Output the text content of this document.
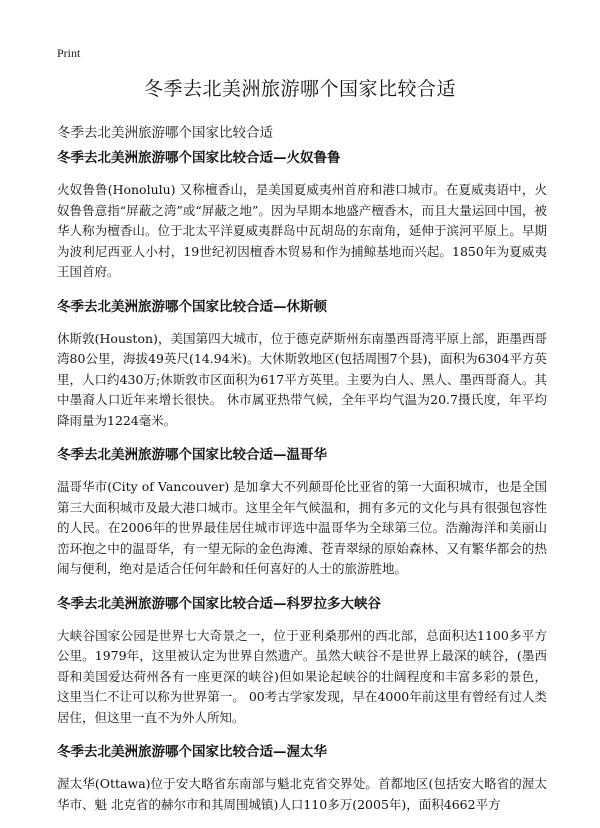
Print
冬季去北美洲旅游哪个国家比较合适

冬季去北美洲旅游哪个国家比较合适

冬季去北美洲旅游哪个国家比较合适—火奴鲁鲁

火奴鲁鲁(Honolulu) 又称檀香山，是美国夏威夷州首府和港口城市。在夏威夷语中，火奴鲁鲁意指“屏蔽之湾”或“屏蔽之地”。因为早期本地盛产檀香木，而且大量运回中国，被华人称为檀香山。位于北太平洋夏威夷群岛中瓦胡岛的东南角，延伸于滨河平原上。早期为波利尼西亚人小村，19世纪初因檀香木贸易和作为捕鲸基地而兴起。1850年为夏威夷王国首府。

冬季去北美洲旅游哪个国家比较合适—休斯顿

休斯敦(Houston)，美国第四大城市，位于德克萨斯州东南墨西哥湾平原上部，距墨西哥湾80公里，海拔49英尺(14.94米)。大休斯敦地区(包括周围7个县)，面积为6304平方英里，人口约430万;休斯敦市区面积为617平方英里。主要为白人、黑人、墨西哥裔人。其中墨裔人口近年来增长很快。 休市属亚热带气候，全年平均气温为20.7摄氏度，年平均降雨量为1224毫米。

冬季去北美洲旅游哪个国家比较合适—温哥华

温哥华市(City of Vancouver) 是加拿大不列颠哥伦比亚省的第一大面积城市，也是全国第三大面积城市及最大港口城市。这里全年气候温和，拥有多元的文化与具有很强包容性的人民。在2006年的世界最佳居住城市评选中温哥华为全球第三位。浩瀚海洋和美丽山峦环抱之中的温哥华，有一望无际的金色海滩、苍青翠绿的原始森林、又有繁华都会的热闹与便利，绝对是适合任何年龄和任何喜好的人士的旅游胜地。

冬季去北美洲旅游哪个国家比较合适—科罗拉多大峡谷

大峡谷国家公园是世界七大奇景之一，位于亚利桑那州的西北部，总面积达1100多平方公里。1979年，这里被认定为世界自然遗产。虽然大峡谷不是世界上最深的峡谷，(墨西哥和美国爱达荷州各有一座更深的峡谷)但如果论起峡谷的壮阔程度和丰富多彩的景色，这里当仁不让可以称为世界第一。 00考古学家发现，早在4000年前这里有曾经有过人类居住，但这里一直不为外人所知。

冬季去北美洲旅游哪个国家比较合适—渥太华

渥太华(Ottawa)位于安大略省东南部与魁北克省交界处。首都地区(包括安大略省的渥太华市、魁 北克省的赫尔市和其周围城镇)人口110多万(2005年)，面积4662平方
